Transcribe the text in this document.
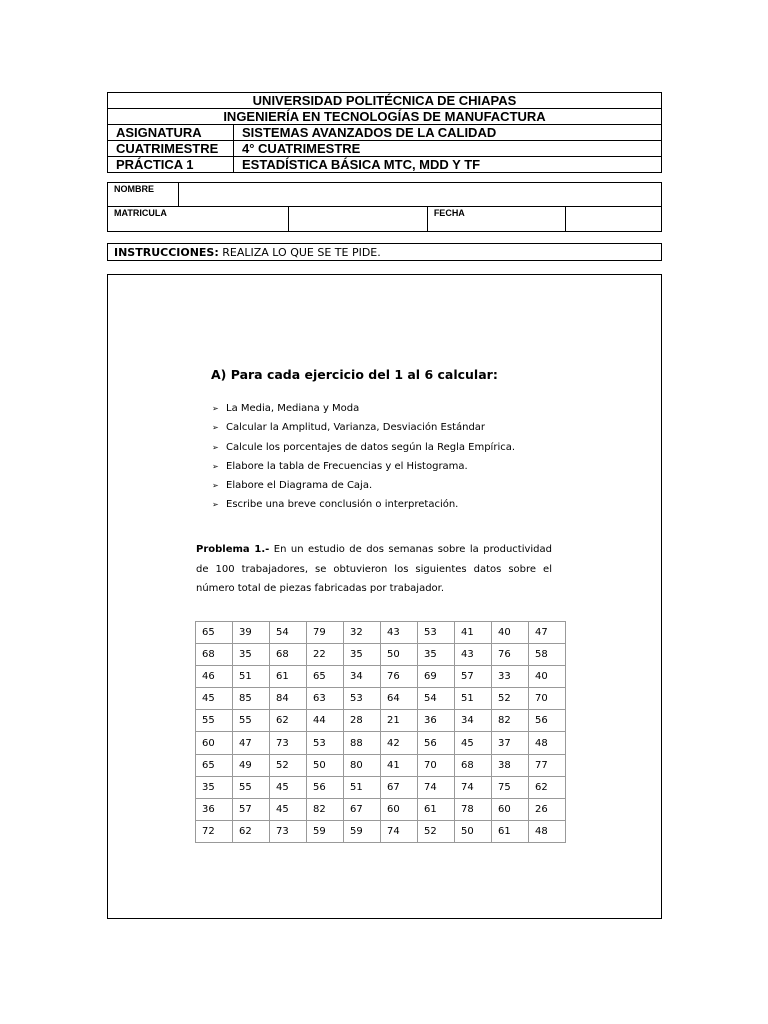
UNIVERSIDAD POLITÉCNICA DE CHIAPAS	
INGENIERÍA EN TECNOLOGÍAS DE MANUFACTURA	
ASIGNATURA	SISTEMAS AVANZADOS DE LA CALIDAD
CUATRIMESTRE	4° CUATRIMESTRE
PRÁCTICA 1	ESTADÍSTICA BÁSICA MTC, MDD Y TF
NOMBRE	
MATRICULA			FECHA	
INSTRUCCIONES: REALIZA LO QUE SE TE PIDE.
A) Para cada ejercicio del 1 al 6 calcular:
➢ La Media, Mediana y Moda
➢ Calcular la Amplitud, Varianza, Desviación Estándar
➢ Calcule los porcentajes de datos según la Regla Empírica.
➢ Elabore la tabla de Frecuencias y el Histograma.
➢ Elabore el Diagrama de Caja.
➢ Escribe una breve conclusión o interpretación.
Problema 1.- En un estudio de dos semanas sobre la productividad de 100 trabajadores, se obtuvieron los siguientes datos sobre el número total de piezas fabricadas por trabajador.
65	39	54	79	32	43	53	41	40	47
68	35	68	22	35	50	35	43	76	58
46	51	61	65	34	76	69	57	33	40
45	85	84	63	53	64	54	51	52	70
55	55	62	44	28	21	36	34	82	56
60	47	73	53	88	42	56	45	37	48
65	49	52	50	80	41	70	68	38	77
35	55	45	56	51	67	74	74	75	62
36	57	45	82	67	60	61	78	60	26
72	62	73	59	59	74	52	50	61	48
